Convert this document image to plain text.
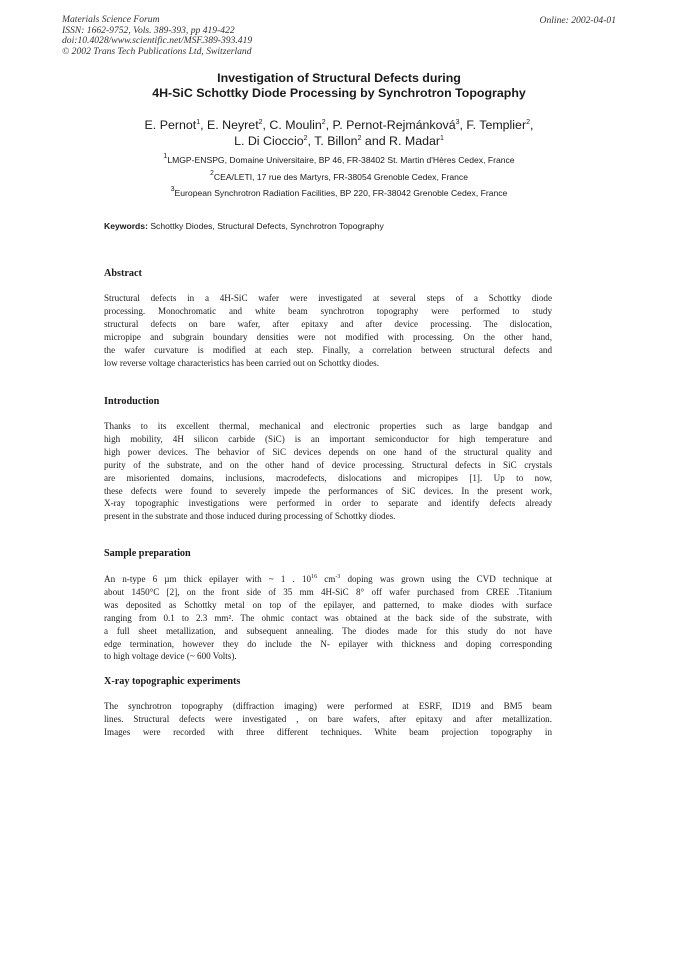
Materials Science Forum
ISSN: 1662-9752, Vols. 389-393, pp 419-422
doi:10.4028/www.scientific.net/MSF.389-393.419
© 2002 Trans Tech Publications Ltd, Switzerland
Online: 2002-04-01
Investigation of Structural Defects during
4H-SiC Schottky Diode Processing by Synchrotron Topography
E. Pernot$^1$, E. Neyret$^2$, C. Moulin$^2$, P. Pernot-Rejmánková$^3$, F. Templier$^2$,
L. Di Cioccio$^2$, T. Billon$^2$ and R. Madar$^1$
$^1$LMGP-ENSPG, Domaine Universitaire, BP 46, FR-38402 St. Martin d'Hères Cedex, France
$^2$CEA/LETI, 17 rue des Martyrs, FR-38054 Grenoble Cedex, France
$^3$European Synchrotron Radiation Facilities, BP 220, FR-38042 Grenoble Cedex, France
Keywords: Schottky Diodes, Structural Defects, Synchrotron Topography
Abstract
Structural defects in a 4H-SiC wafer were investigated at several steps of a Schottky diode
processing. Monochromatic and white beam synchrotron topography were performed to study
structural defects on bare wafer, after epitaxy and after device processing. The dislocation,
micropipe and subgrain boundary densities were not modified with processing. On the other hand,
the wafer curvature is modified at each step. Finally, a correlation between structural defects and
low reverse voltage characteristics has been carried out on Schottky diodes.
Introduction
Thanks to its excellent thermal, mechanical and electronic properties such as large bandgap and
high mobility, 4H silicon carbide (SiC) is an important semiconductor for high temperature and
high power devices. The behavior of SiC devices depends on one hand of the structural quality and
purity of the substrate, and on the other hand of device processing. Structural defects in SiC crystals
are misoriented domains, inclusions, macrodefects, dislocations and micropipes [1]. Up to now,
these defects were found to severely impede the performances of SiC devices. In the present work,
X-ray topographic investigations were performed in order to separate and identify defects already
present in the substrate and those induced during processing of Schottky diodes.
Sample preparation
An n-type 6 µm thick epilayer with ~ 1 . $10^{16}$ $cm^{-3}$ doping was grown using the CVD technique at
about 1450°C [2], on the front side of 35 mm 4H-SiC 8° off wafer purchased from CREE .Titanium
was deposited as Schottky metal on top of the epilayer, and patterned, to make diodes with surface
ranging from 0.1 to 2.3 mm². The ohmic contact was obtained at the back side of the substrate, with
a full sheet metallization, and subsequent annealing. The diodes made for this study do not have
edge termination, however they do include the N- epilayer with thickness and doping corresponding
to high voltage device (~ 600 Volts).
X-ray topographic experiments
The synchrotron topography (diffraction imaging) were performed at ESRF, ID19 and BM5 beam
lines. Structural defects were investigated , on bare wafers, after epitaxy and after metallization.
Images were recorded with three different techniques. White beam projection topography in
